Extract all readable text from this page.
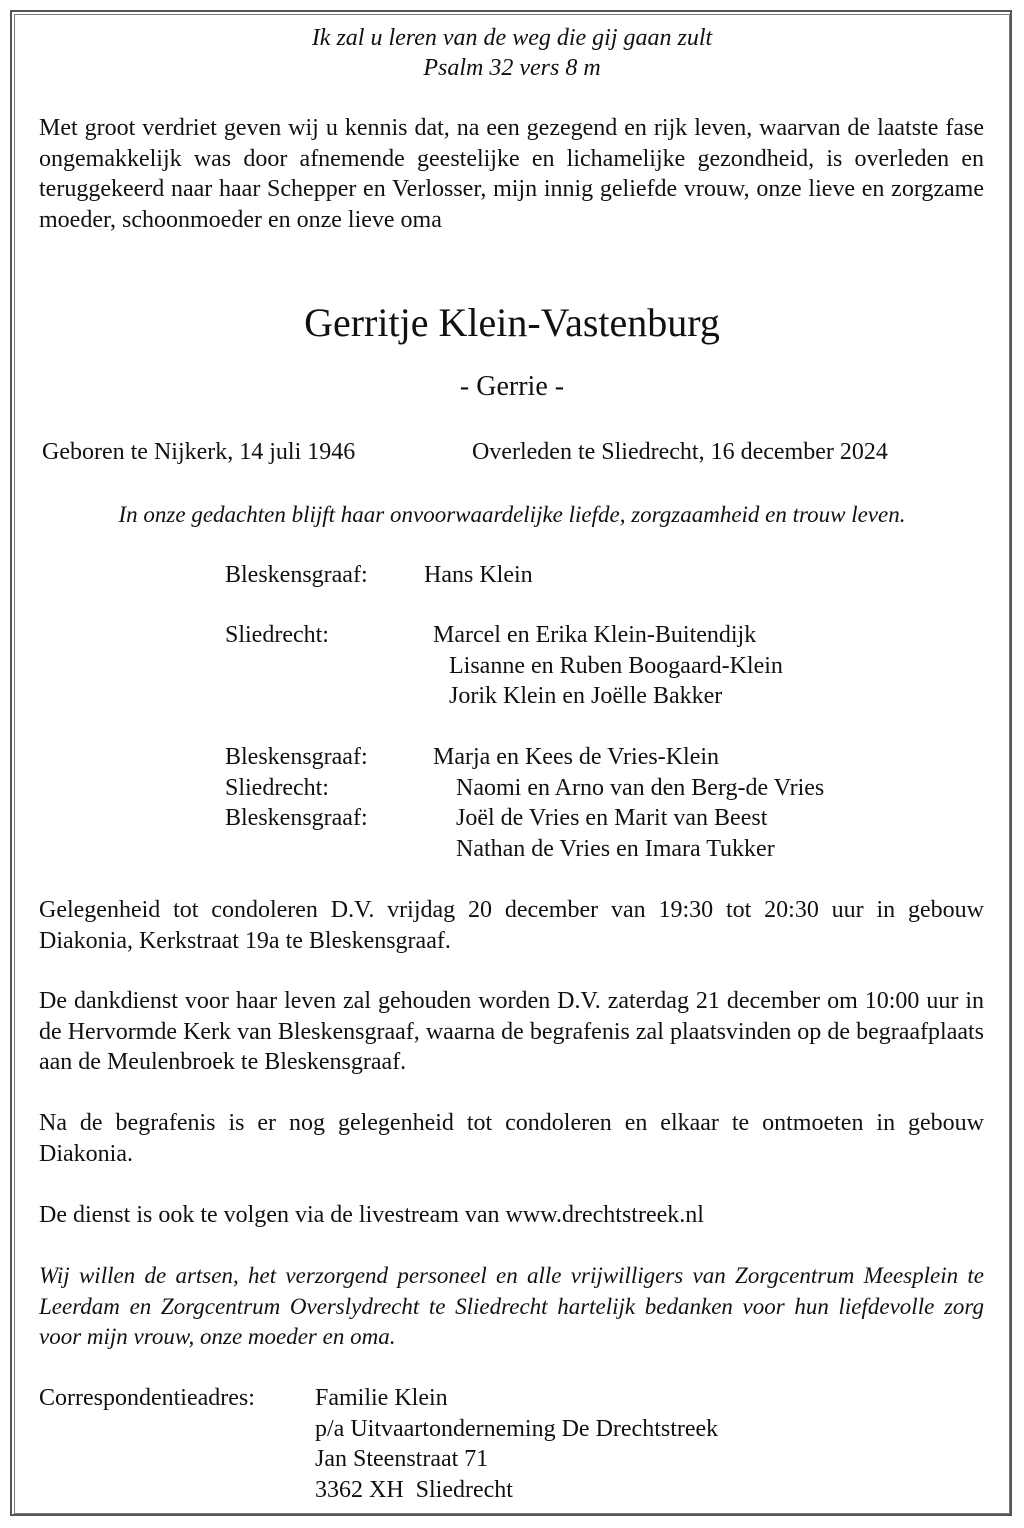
Ik zal u leren van de weg die gij gaan zult
Psalm 32 vers 8 m
Met groot verdriet geven wij u kennis dat, na een gezegend en rijk leven, waarvan de laatste fase ongemakkelijk was door afnemende geestelijke en lichamelijke gezondheid, is overleden en teruggekeerd naar haar Schepper en Verlosser, mijn innig geliefde vrouw, onze lieve en zorgzame moeder, schoonmoeder en onze lieve oma
Gerritje Klein-Vastenburg
- Gerrie -
Geboren te Nijkerk, 14 juli 1946	Overleden te Sliedrecht, 16 december 2024
In onze gedachten blijft haar onvoorwaardelijke liefde, zorgzaamheid en trouw leven.
Bleskensgraaf: Hans Klein
Sliedrecht:	Marcel en Erika Klein-Buitendijk
Lisanne en Ruben Boogaard-Klein
Jorik Klein en Joëlle Bakker
Bleskensgraaf:	Marja en Kees de Vries-Klein
Sliedrecht:	Naomi en Arno van den Berg-de Vries
Bleskensgraaf:	Joël de Vries en Marit van Beest
Nathan de Vries en Imara Tukker
Gelegenheid tot condoleren D.V. vrijdag 20 december van 19:30 tot 20:30 uur in gebouw Diakonia, Kerkstraat 19a te Bleskensgraaf.
De dankdienst voor haar leven zal gehouden worden D.V. zaterdag 21 december om 10:00 uur in de Hervormde Kerk van Bleskensgraaf, waarna de begrafenis zal plaatsvinden op de begraafplaats aan de Meulenbroek te Bleskensgraaf.
Na de begrafenis is er nog gelegenheid tot condoleren en elkaar te ontmoeten in gebouw Diakonia.
De dienst is ook te volgen via de livestream van www.drechtstreek.nl
Wij willen de artsen, het verzorgend personeel en alle vrijwilligers van Zorgcentrum Meesplein te Leerdam en Zorgcentrum Overslydrecht te Sliedrecht hartelijk bedanken voor hun liefdevolle zorg voor mijn vrouw, onze moeder en oma.
Correspondentieadres:	Familie Klein
p/a Uitvaartonderneming De Drechtstreek
Jan Steenstraat 71
3362 XH  Sliedrecht
